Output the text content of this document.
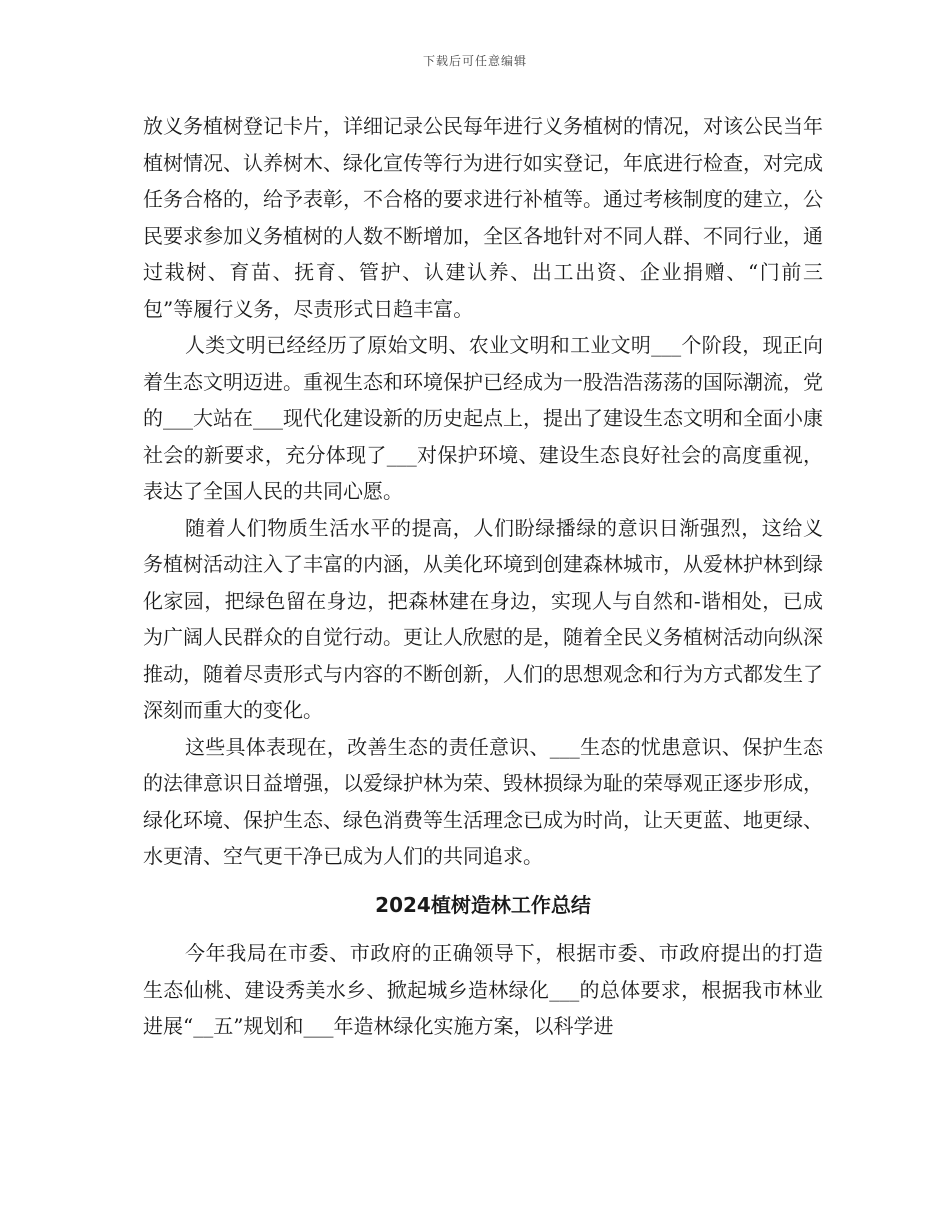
下载后可任意编辑

放义务植树登记卡片，详细记录公民每年进行义务植树的情况，对该公民当年植树情况、认养树木、绿化宣传等行为进行如实登记，年底进行检查，对完成任务合格的，给予表彰，不合格的要求进行补植等。通过考核制度的建立，公民要求参加义务植树的人数不断增加，全区各地针对不同人群、不同行业，通过栽树、育苗、抚育、管护、认建认养、出工出资、企业捐赠、“门前三包”等履行义务，尽责形式日趋丰富。

人类文明已经经历了原始文明、农业文明和工业文明___个阶段，现正向着生态文明迈进。重视生态和环境保护已经成为一股浩浩荡荡的国际潮流，党的___大站在___现代化建设新的历史起点上，提出了建设生态文明和全面小康社会的新要求，充分体现了___对保护环境、建设生态良好社会的高度重视，表达了全国人民的共同心愿。

随着人们物质生活水平的提高，人们盼绿播绿的意识日渐强烈，这给义务植树活动注入了丰富的内涵，从美化环境到创建森林城市，从爱林护林到绿化家园，把绿色留在身边，把森林建在身边，实现人与自然和-谐相处，已成为广阔人民群众的自觉行动。更让人欣慰的是，随着全民义务植树活动向纵深推动，随着尽责形式与内容的不断创新，人们的思想观念和行为方式都发生了深刻而重大的变化。

这些具体表现在，改善生态的责任意识、___生态的忧患意识、保护生态的法律意识日益增强，以爱绿护林为荣、毁林损绿为耻的荣辱观正逐步形成，绿化环境、保护生态、绿色消费等生活理念已成为时尚，让天更蓝、地更绿、水更清、空气更干净已成为人们的共同追求。

2024植树造林工作总结

今年我局在市委、市政府的正确领导下，根据市委、市政府提出的打造生态仙桃、建设秀美水乡、掀起城乡造林绿化___的总体要求，根据我市林业进展“__五”规划和___年造林绿化实施方案，以科学进
